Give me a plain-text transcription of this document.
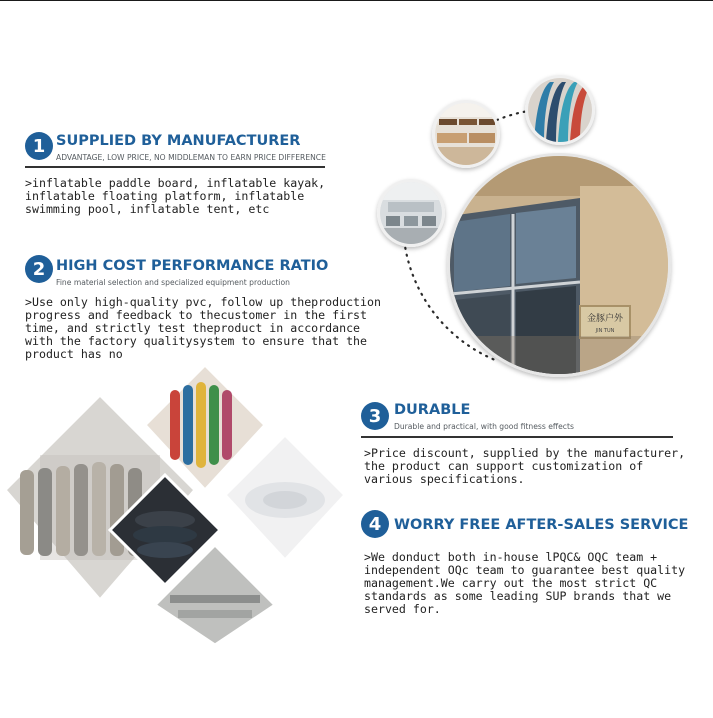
1 SUPPLIED BY MANUFACTURER
ADVANTAGE, LOW PRICE, NO MIDDLEMAN TO EARN PRICE DIFFERENCE
>inflatable paddle board, inflatable kayak,
inflatable floating platform, inflatable
swimming pool, inflatable tent, etc
2 HIGH COST PERFORMANCE RATIO
Fine material selection and specialized equipment production
>Use only high-quality pvc, follow up theproduction
progress and feedback to thecustomer in the first
time, and strictly test theproduct in accordance
with the factory qualitysystem to ensure that the
product has no
3 DURABLE
Durable and practical, with good fitness effects
>Price discount, supplied by the manufacturer,
the product can support customization of
various specifications.
4 WORRY FREE AFTER-SALES SERVICE
>We donduct both in-house lPQC& OQC team +
independent OQc team to guarantee best quality
management.We carry out the most strict QC
standards as some leading SUP brands that we
served for.
金豚户外
JIN TUN
